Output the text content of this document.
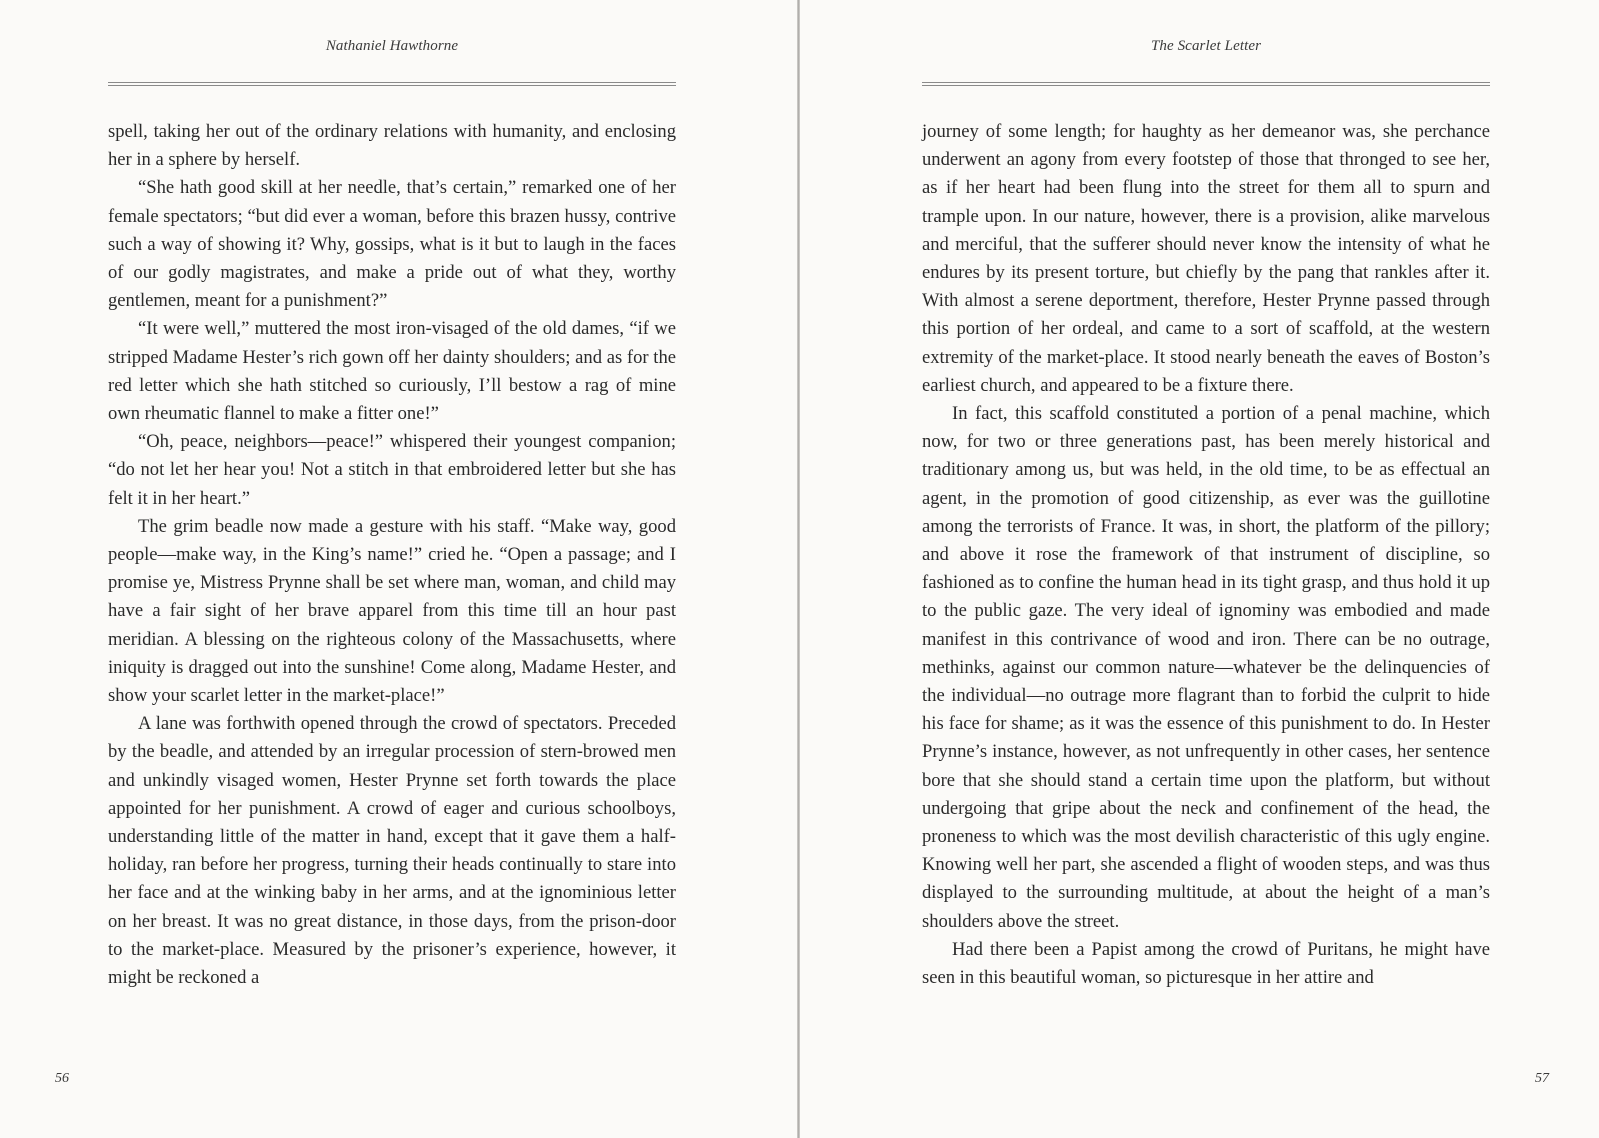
Nathaniel Hawthorne

spell, taking her out of the ordinary relations with humanity, and enclosing her in a sphere by herself.

“She hath good skill at her needle, that’s certain,” remarked one of her female spectators; “but did ever a woman, before this brazen hussy, contrive such a way of showing it? Why, gossips, what is it but to laugh in the faces of our godly magistrates, and make a pride out of what they, worthy gentlemen, meant for a punishment?”

“It were well,” muttered the most iron-visaged of the old dames, “if we stripped Madame Hester’s rich gown off her dainty shoulders; and as for the red letter which she hath stitched so curiously, I’ll bestow a rag of mine own rheumatic flannel to make a fitter one!”

“Oh, peace, neighbors—peace!” whispered their youngest companion; “do not let her hear you! Not a stitch in that embroidered letter but she has felt it in her heart.”

The grim beadle now made a gesture with his staff. “Make way, good people—make way, in the King’s name!” cried he. “Open a passage; and I promise ye, Mistress Prynne shall be set where man, woman, and child may have a fair sight of her brave apparel from this time till an hour past meridian. A blessing on the righteous colony of the Massachusetts, where iniquity is dragged out into the sunshine! Come along, Madame Hester, and show your scarlet letter in the market-place!”

A lane was forthwith opened through the crowd of spectators. Preceded by the beadle, and attended by an irregular procession of stern-browed men and unkindly visaged women, Hester Prynne set forth towards the place appointed for her punishment. A crowd of eager and curious schoolboys, understanding little of the matter in hand, except that it gave them a half-holiday, ran before her progress, turning their heads continually to stare into her face and at the winking baby in her arms, and at the ignominious letter on her breast. It was no great distance, in those days, from the prison-door to the market-place. Measured by the prisoner’s experience, however, it might be reckoned a

56
The Scarlet Letter

journey of some length; for haughty as her demeanor was, she perchance underwent an agony from every footstep of those that thronged to see her, as if her heart had been flung into the street for them all to spurn and trample upon. In our nature, however, there is a provision, alike marvelous and merciful, that the sufferer should never know the intensity of what he endures by its present torture, but chiefly by the pang that rankles after it. With almost a serene deportment, therefore, Hester Prynne passed through this portion of her ordeal, and came to a sort of scaffold, at the western extremity of the market-place. It stood nearly beneath the eaves of Boston’s earliest church, and appeared to be a fixture there.

In fact, this scaffold constituted a portion of a penal machine, which now, for two or three generations past, has been merely historical and traditionary among us, but was held, in the old time, to be as effectual an agent, in the promotion of good citizenship, as ever was the guillotine among the terrorists of France. It was, in short, the platform of the pillory; and above it rose the framework of that instrument of discipline, so fashioned as to confine the human head in its tight grasp, and thus hold it up to the public gaze. The very ideal of ignominy was embodied and made manifest in this contrivance of wood and iron. There can be no outrage, methinks, against our common nature—whatever be the delinquencies of the individual—no outrage more flagrant than to forbid the culprit to hide his face for shame; as it was the essence of this punishment to do. In Hester Prynne’s instance, however, as not unfrequently in other cases, her sentence bore that she should stand a certain time upon the platform, but without undergoing that gripe about the neck and confinement of the head, the proneness to which was the most devilish characteristic of this ugly engine. Knowing well her part, she ascended a flight of wooden steps, and was thus displayed to the surrounding multitude, at about the height of a man’s shoulders above the street.

Had there been a Papist among the crowd of Puritans, he might have seen in this beautiful woman, so picturesque in her attire and

57
